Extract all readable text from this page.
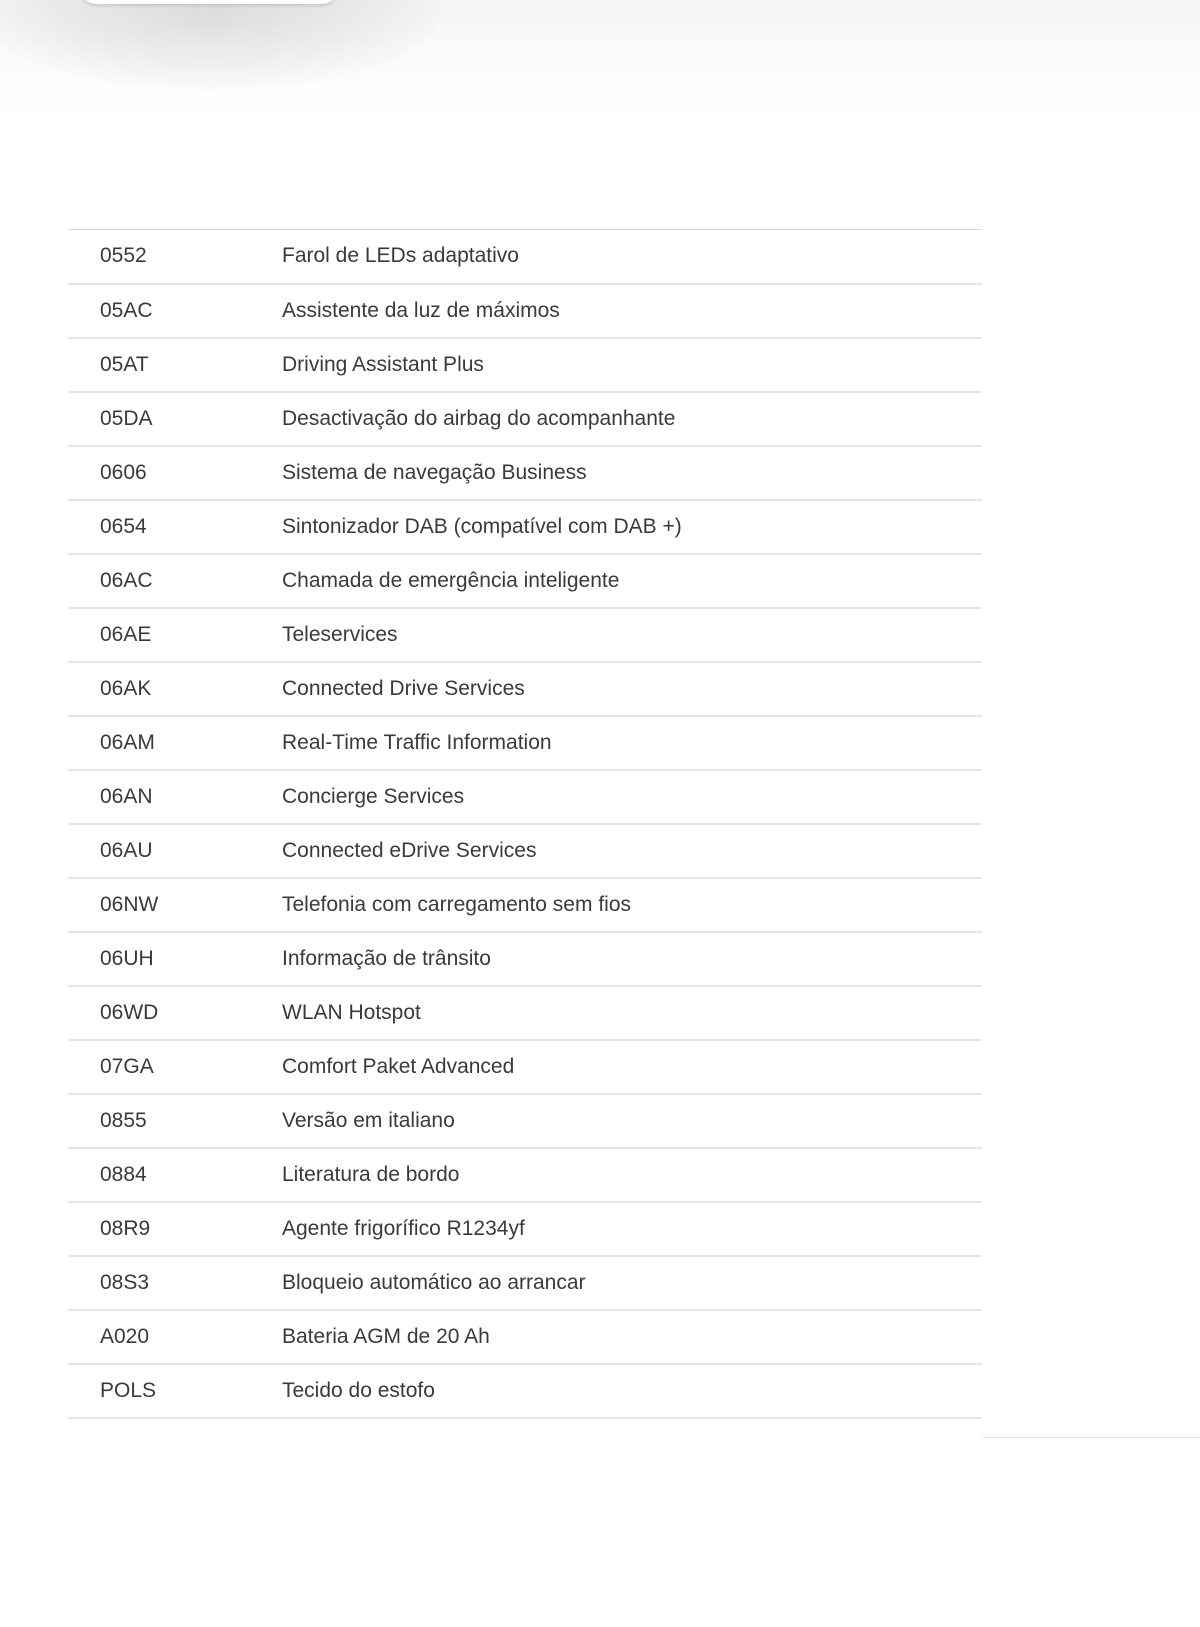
0552	Farol de LEDs adaptativo
05AC	Assistente da luz de máximos
05AT	Driving Assistant Plus
05DA	Desactivação do airbag do acompanhante
0606	Sistema de navegação Business
0654	Sintonizador DAB (compatível com DAB +)
06AC	Chamada de emergência inteligente
06AE	Teleservices
06AK	Connected Drive Services
06AM	Real-Time Traffic Information
06AN	Concierge Services
06AU	Connected eDrive Services
06NW	Telefonia com carregamento sem fios
06UH	Informação de trânsito
06WD	WLAN Hotspot
07GA	Comfort Paket Advanced
0855	Versão em italiano
0884	Literatura de bordo
08R9	Agente frigorífico R1234yf
08S3	Bloqueio automático ao arrancar
A020	Bateria AGM de 20 Ah
POLS	Tecido do estofo
